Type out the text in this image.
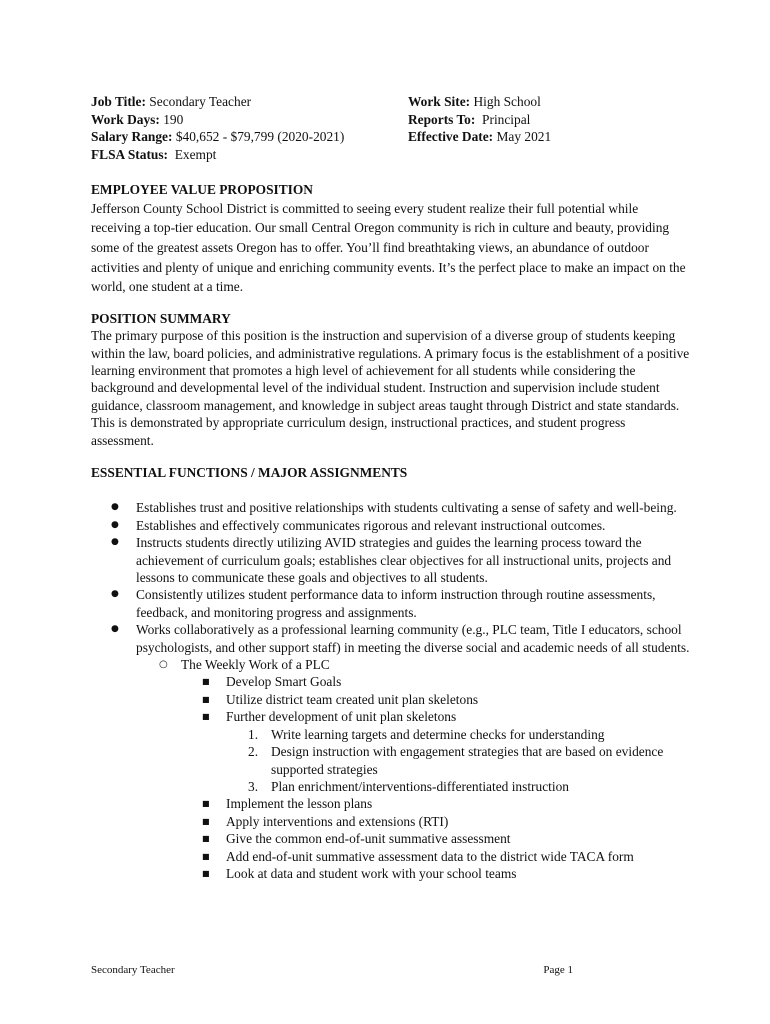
Job Title: Secondary Teacher
Work Days: 190
Salary Range: $40,652 - $79,799 (2020-2021)
FLSA Status: Exempt
Work Site: High School
Reports To: Principal
Effective Date: May 2021
EMPLOYEE VALUE PROPOSITION

Jefferson County School District is committed to seeing every student realize their full potential while receiving a top-tier education. Our small Central Oregon community is rich in culture and beauty, providing some of the greatest assets Oregon has to offer. You’ll find breathtaking views, an abundance of outdoor activities and plenty of unique and enriching community events. It’s the perfect place to make an impact on the world, one student at a time.

POSITION SUMMARY

The primary purpose of this position is the instruction and supervision of a diverse group of students keeping within the law, board policies, and administrative regulations. A primary focus is the establishment of a positive learning environment that promotes a high level of achievement for all students while considering the background and developmental level of the individual student. Instruction and supervision include student guidance, classroom management, and knowledge in subject areas taught through District and state standards. This is demonstrated by appropriate curriculum design, instructional practices, and student progress assessment.

ESSENTIAL FUNCTIONS / MAJOR ASSIGNMENTS
● Establishes trust and positive relationships with students cultivating a sense of safety and well-being.
● Establishes and effectively communicates rigorous and relevant instructional outcomes.
● Instructs students directly utilizing AVID strategies and guides the learning process toward the achievement of curriculum goals; establishes clear objectives for all instructional units, projects and lessons to communicate these goals and objectives to all students.
● Consistently utilizes student performance data to inform instruction through routine assessments, feedback, and monitoring progress and assignments.
● Works collaboratively as a professional learning community (e.g., PLC team, Title I educators, school psychologists, and other support staff) in meeting the diverse social and academic needs of all students.
○ The Weekly Work of a PLC
■ Develop Smart Goals
■ Utilize district team created unit plan skeletons
■ Further development of unit plan skeletons
1. Write learning targets and determine checks for understanding
2. Design instruction with engagement strategies that are based on evidence supported strategies
3. Plan enrichment/interventions-differentiated instruction
■ Implement the lesson plans
■ Apply interventions and extensions (RTI)
■ Give the common end-of-unit summative assessment
■ Add end-of-unit summative assessment data to the district wide TACA form
■ Look at data and student work with your school teams
Secondary Teacher	Page 1
